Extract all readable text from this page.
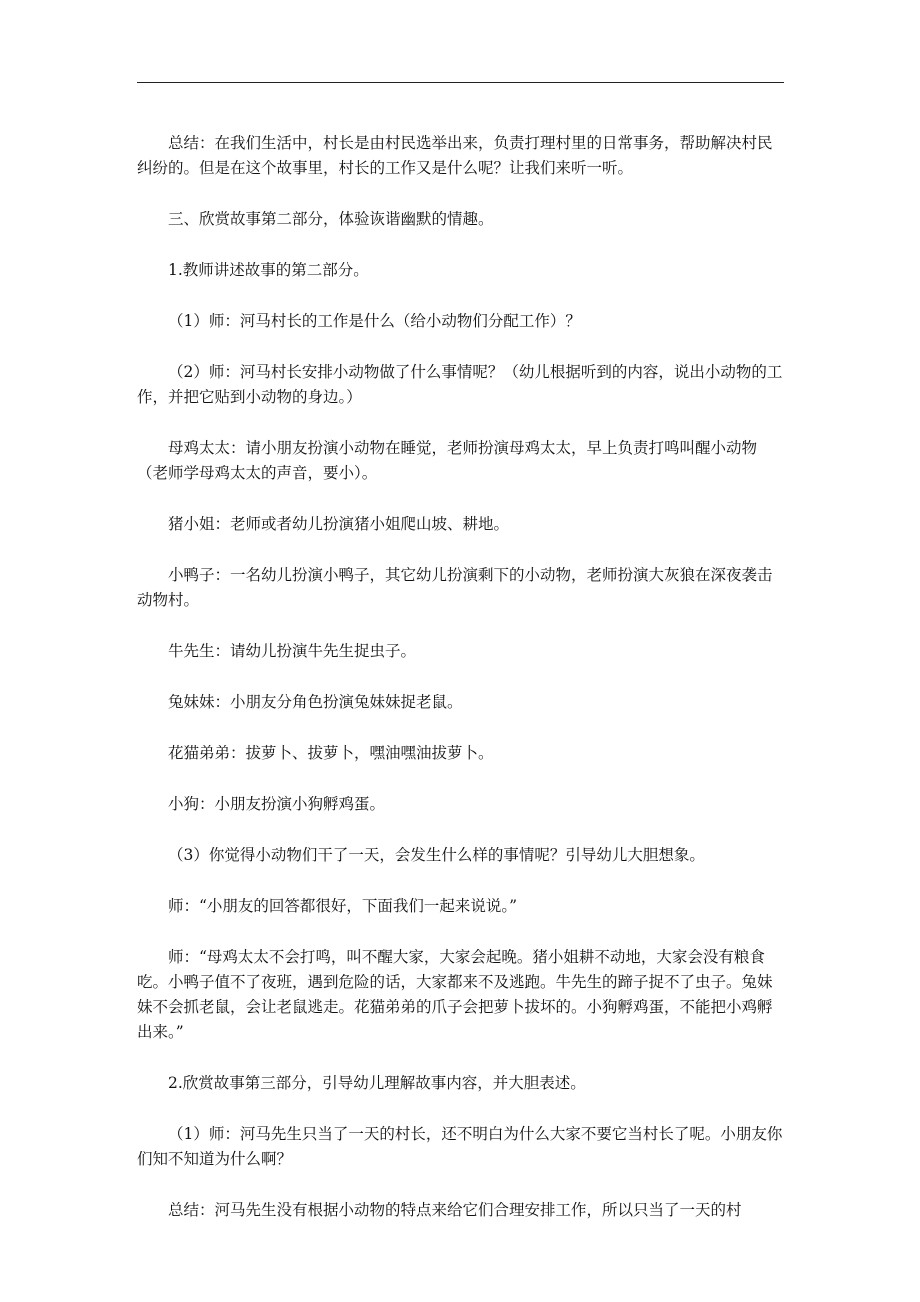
总结：在我们生活中，村长是由村民选举出来，负责打理村里的日常事务，帮助解决村民纠纷的。但是在这个故事里，村长的工作又是什么呢？让我们来听一听。

三、欣赏故事第二部分，体验诙谐幽默的情趣。

1.教师讲述故事的第二部分。

（1）师：河马村长的工作是什么（给小动物们分配工作）？

（2）师：河马村长安排小动物做了什么事情呢？（幼儿根据听到的内容，说出小动物的工作，并把它贴到小动物的身边。）

母鸡太太：请小朋友扮演小动物在睡觉，老师扮演母鸡太太，早上负责打鸣叫醒小动物（老师学母鸡太太的声音，要小）。

猪小姐：老师或者幼儿扮演猪小姐爬山坡、耕地。

小鸭子：一名幼儿扮演小鸭子，其它幼儿扮演剩下的小动物，老师扮演大灰狼在深夜袭击动物村。

牛先生：请幼儿扮演牛先生捉虫子。

兔妹妹：小朋友分角色扮演兔妹妹捉老鼠。

花猫弟弟：拔萝卜、拔萝卜，嘿油嘿油拔萝卜。

小狗：小朋友扮演小狗孵鸡蛋。

（3）你觉得小动物们干了一天，会发生什么样的事情呢？引导幼儿大胆想象。

师：“小朋友的回答都很好，下面我们一起来说说。”

师：“母鸡太太不会打鸣，叫不醒大家，大家会起晚。猪小姐耕不动地，大家会没有粮食吃。小鸭子值不了夜班，遇到危险的话，大家都来不及逃跑。牛先生的蹄子捉不了虫子。兔妹妹不会抓老鼠，会让老鼠逃走。花猫弟弟的爪子会把萝卜拔坏的。小狗孵鸡蛋，不能把小鸡孵出来。”

2.欣赏故事第三部分，引导幼儿理解故事内容，并大胆表述。

（1）师：河马先生只当了一天的村长，还不明白为什么大家不要它当村长了呢。小朋友你们知不知道为什么啊？

总结：河马先生没有根据小动物的特点来给它们合理安排工作，所以只当了一天的村
